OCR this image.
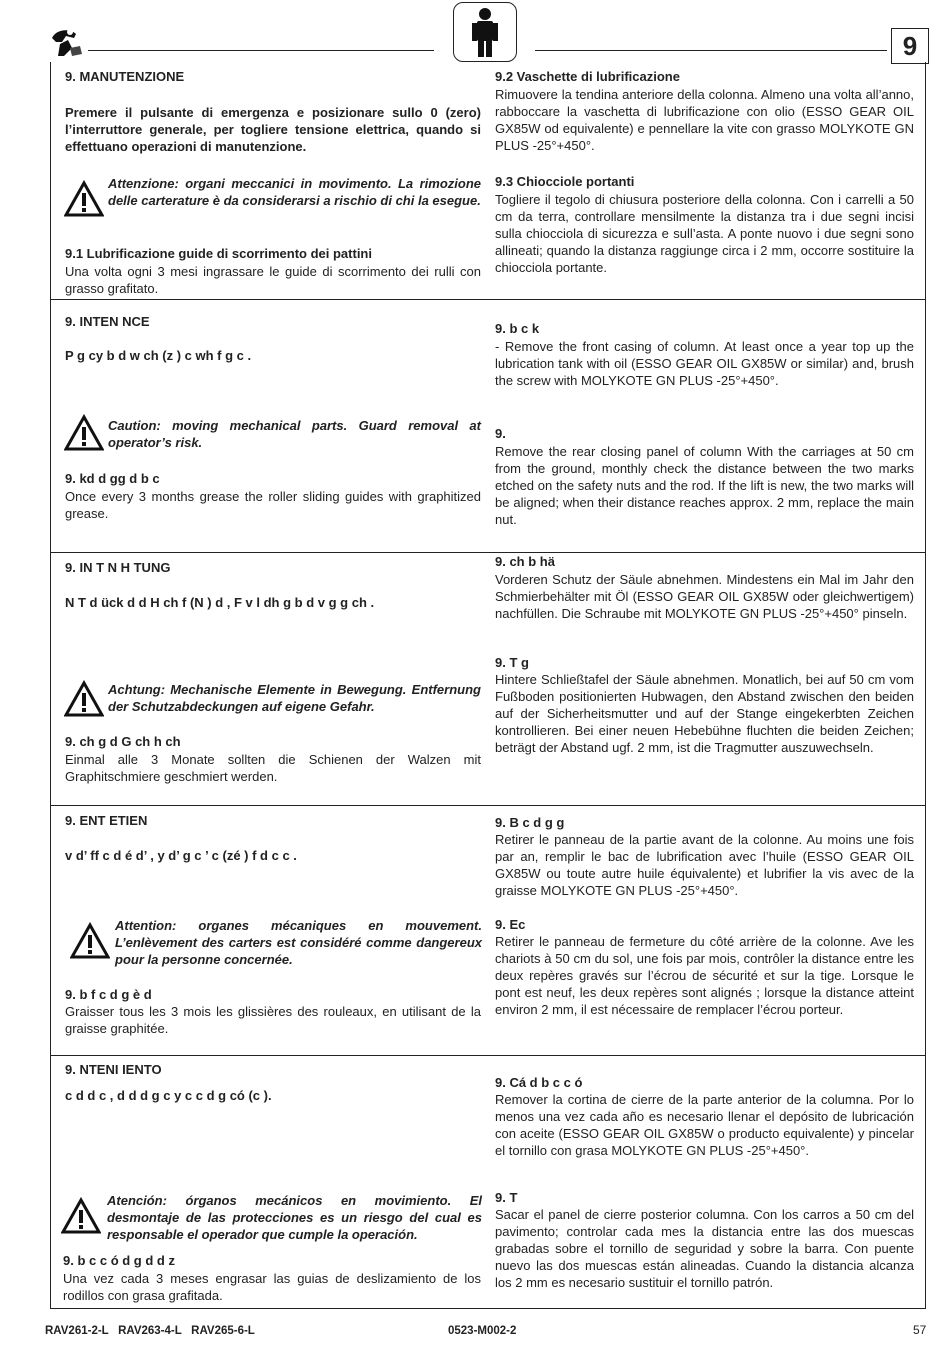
9
9. MANUTENZIONE
Premere il pulsante di emergenza e posizionare sullo 0 (zero) l’interruttore generale, per togliere tensione elettrica, quando si effettuano operazioni di manutenzione.
Attenzione: organi meccanici in movimento. La rimozione delle carterature è da considerarsi a rischio di chi la esegue.
9.1 Lubrificazione guide di scorrimento dei pattini
Una volta ogni 3 mesi ingrassare le guide di scorrimento dei rulli con grasso grafitato.
9.2 Vaschette di lubrificazione
Rimuovere la tendina anteriore della colonna. Almeno una volta all’anno, rabboccare la vaschetta di lubrificazione con olio (ESSO GEAR OIL GX85W od equivalente) e pennellare la vite con grasso MOLYKOTE GN PLUS -25°+450°.
9.3 Chiocciole portanti
Togliere il tegolo di chiusura posteriore della colonna. Con i carrelli a 50 cm da terra, controllare mensilmente la distanza tra i due segni incisi sulla chiocciola di sicurezza e sull’asta. A ponte nuovo i due segni sono allineati; quando la distanza raggiunge circa i 2 mm, occorre sostituire la chiocciola portante.
9. INTEN NCE
P g cy b d w ch (z ) c wh f g c .
Caution: moving mechanical parts. Guard removal at operator’s risk.
9. kd d gg d b c
Once every 3 months grease the roller sliding guides with graphitized grease.
9. b c k
- Remove the front casing of column. At least once a year top up the lubrication tank with oil (ESSO GEAR OIL GX85W or similar) and, brush the screw with MOLYKOTE GN PLUS -25°+450°.
9.
Remove the rear closing panel of column With the carriages at 50 cm from the ground, monthly check the distance between the two marks etched on the safety nuts and the rod. If the lift is new, the two marks will be aligned; when their distance reaches approx. 2 mm, replace the main nut.
9. IN T N H TUNG
N T d ück d d H ch f (N ) d , F v l dh g b d v g g ch .
Achtung: Mechanische Elemente in Bewegung. Entfernung der Schutzabdeckungen auf eigene Gefahr.
9. ch g d G ch h ch
Einmal alle 3 Monate sollten die Schienen der Walzen mit Graphitschmiere geschmiert werden.
9. ch b hä
Vorderen Schutz der Säule abnehmen. Mindestens ein Mal im Jahr den Schmierbehälter mit Öl (ESSO GEAR OIL GX85W oder gleichwertigem) nachfüllen. Die Schraube mit MOLYKOTE GN PLUS -25°+450° pinseln.
9. T g
Hintere Schließtafel der Säule abnehmen. Monatlich, bei auf 50 cm vom Fußboden positionierten Hubwagen, den Abstand zwischen den beiden auf der Sicherheitsmutter und auf der Stange eingekerbten Zeichen kontrollieren. Bei einer neuen Hebebühne fluchten die beiden Zeichen; beträgt der Abstand ugf. 2 mm, ist die Tragmutter auszuwechseln.
9. ENT ETIEN
v d’ ff c d é d’ , y d’ g c ’ c (zé ) f d c c .
Attention: organes mécaniques en mouvement. L’enlèvement des carters est considéré comme dangereux pour la personne concernée.
9. b f c d g è d
Graisser tous les 3 mois les glissières des rouleaux, en utilisant de la graisse graphitée.
9. B c d g g
Retirer le panneau de la partie avant de la colonne. Au moins une fois par an, remplir le bac de lubrification avec l’huile (ESSO GEAR OIL GX85W ou toute autre huile équivalente) et lubrifier la vis avec de la graisse MOLYKOTE GN PLUS -25°+450°.
9. Ec
Retirer le panneau de fermeture du côté arrière de la colonne. Ave les chariots à 50 cm du sol, une fois par mois, contrôler la distance entre les deux repères gravés sur l’écrou de sécurité et sur la tige. Lorsque le pont est neuf, les deux repères sont alignés ; lorsque la distance atteint environ 2 mm, il est nécessaire de remplacer l’écrou porteur.
9. NTENI IENTO
c d d c , d d d g c y c c d g có (c ).
Atención: órganos mecánicos en movimiento. El desmontaje de las protecciones es un riesgo del cual es responsable el operador que cumple la operación.
9. b c c ó d g d d z
Una vez cada 3 meses engrasar las guias de deslizamiento de los rodillos con grasa grafitada.
9. Cá d b c c ó
Remover la cortina de cierre de la parte anterior de la columna. Por lo menos una vez cada año es necesario llenar el depósito de lubricación con aceite (ESSO GEAR OIL GX85W o producto equivalente) y pincelar el tornillo con grasa MOLYKOTE GN PLUS -25°+450°.
9. T
Sacar el panel de cierre posterior columna. Con los carros a 50 cm del pavimento; controlar cada mes la distancia entre las dos muescas grabadas sobre el tornillo de seguridad y sobre la barra. Con puente nuevo las dos muescas están alineadas. Cuando la distancia alcanza los 2 mm es necesario sustituir el tornillo patrón.
RAV261-2-L   RAV263-4-L   RAV265-6-L	0523-M002-2	57
